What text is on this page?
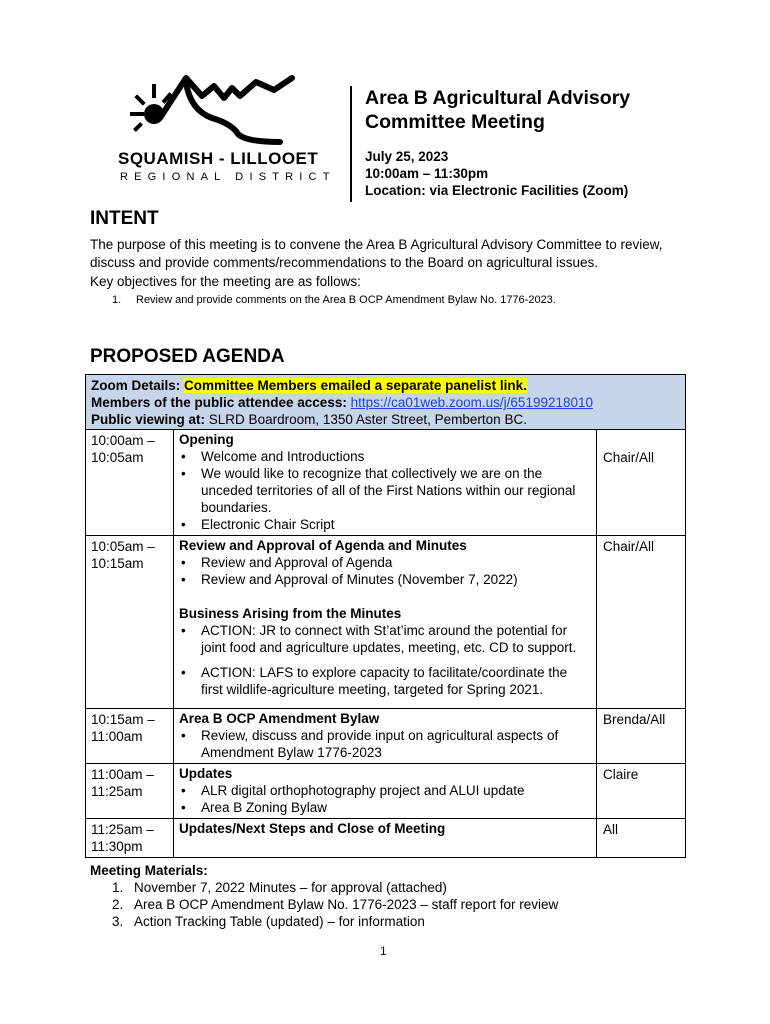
SQUAMISH - LILLOOET
REGIONAL DISTRICT
Area B Agricultural Advisory
Committee Meeting
July 25, 2023
10:00am – 11:30pm
Location: via Electronic Facilities (Zoom)
INTENT
The purpose of this meeting is to convene the Area B Agricultural Advisory Committee to review, discuss and provide comments/recommendations to the Board on agricultural issues.
Key objectives for the meeting are as follows:
1. Review and provide comments on the Area B OCP Amendment Bylaw No. 1776-2023.
PROPOSED AGENDA
Zoom Details: Committee Members emailed a separate panelist link.
Members of the public attendee access: https://ca01web.zoom.us/j/65199218010
Public viewing at: SLRD Boardroom, 1350 Aster Street, Pemberton BC.
10:00am –
10:05am
Opening
• Welcome and Introductions
• We would like to recognize that collectively we are on the unceded territories of all of the First Nations within our regional boundaries.
• Electronic Chair Script
Chair/All
10:05am –
10:15am
Review and Approval of Agenda and Minutes
• Review and Approval of Agenda
• Review and Approval of Minutes (November 7, 2022)
Business Arising from the Minutes
• ACTION: JR to connect with St’at’imc around the potential for joint food and agriculture updates, meeting, etc. CD to support.
• ACTION: LAFS to explore capacity to facilitate/coordinate the first wildlife-agriculture meeting, targeted for Spring 2021.
Chair/All
10:15am –
11:00am
Area B OCP Amendment Bylaw
• Review, discuss and provide input on agricultural aspects of Amendment Bylaw 1776-2023
Brenda/All
11:00am –
11:25am
Updates
• ALR digital orthophotography project and ALUI update
• Area B Zoning Bylaw
Claire
11:25am –
11:30pm
Updates/Next Steps and Close of Meeting	All
Meeting Materials:
1. November 7, 2022 Minutes – for approval (attached)
2. Area B OCP Amendment Bylaw No. 1776-2023 – staff report for review
3. Action Tracking Table (updated) – for information
1
